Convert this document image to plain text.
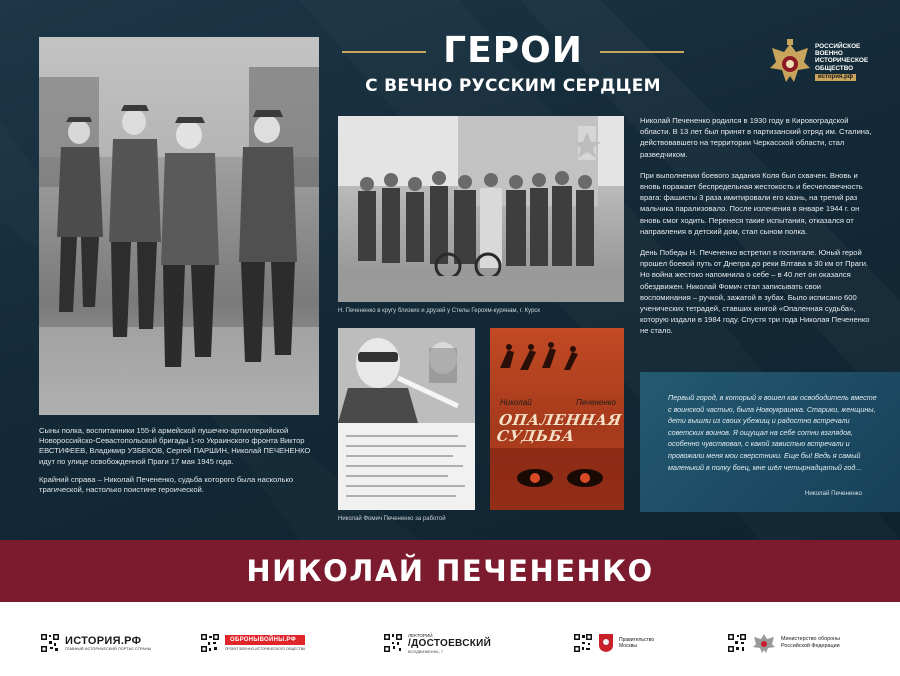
Сыны полка, воспитанники 155-й армейской пушечно-артиллерийской Новороссийско-Севастопольской бригады 1-го Украинского фронта Виктор ЕВСТИФЕЕВ, Владимир УЗБЕКОВ, Сергей ПАРШИН, Николай ПЕЧЕНЕНКО идут по улице освобожденной Праги 17 мая 1945 года.

Крайний справа – Николай Печененко, судьба которого была насколько трагической, настолько поистине героической.

ГЕРОИ
С ВЕЧНО РУССКИМ СЕРДЦЕМ
РОССИЙСКОЕ
ВОЕННО
ИСТОРИЧЕСКОЕ
ОБЩЕСТВО
история.рф
Н. Печененко в кругу близких и друзей у Стелы Героям-курянам, г. Курск
Николай Фомич Печененко за работой
Николай	Печененко
ОПАЛЕННАЯ СУДЬБА

Николай Печененко родился в 1930 году в Кировоградской области. В 13 лет был принят в партизанский отряд им. Сталина, действовавшего на территории Черкасской области, стал разведчиком.

При выполнении боевого задания Коля был схвачен. Вновь и вновь поражает беспредельная жестокость и бесчеловечность врага: фашисты 3 раза имитировали его казнь, на третий раз мальчика парализовало. После излечения в январе 1944 г. он вновь смог ходить. Перенеся такие испытания, отказался от направления в детский дом, стал сыном полка.

День Победы Н. Печененко встретил в госпитале. Юный герой прошел боевой путь от Днепра до реки Влтава в 30 км от Праги. Но война жестоко напомнила о себе – в 40 лет он оказался обездвижен. Николай Фомич стал записывать свои воспоминания – ручкой, зажатой в зубах. Было исписано 600 ученических тетрадей, ставших книгой «Опаленная судьба», которую издали в 1984 году. Спустя три года Николая Печененко не стало.

Первый город, в который я вошел как освободитель вместе с воинской частью, была Новоукраинка. Старики, женщины, дети вышли из своих убежищ и радостно встречали советских воинов. Я ощущал на себе сотни взглядов, особенно чувствовал, с какой завистью встречали и провожали меня мои сверстники. Еще бы! Ведь я самый маленький в полку боец, мне шёл четырнадцатый год...
Николай Печененко
НИКОЛАЙ ПЕЧЕНЕНКО
ИСТОРИЯ.РФ
ГЛАВНЫЙ ИСТОРИЧЕСКИЙ ПОРТАЛ СТРАНЫ
ОБРОНЫВОЙНЫ.РФ
ПРОЕКТ ВОЕННО-ИСТОРИЧЕСКОГО ОБЩЕСТВА
ЛЕКТОРИЙ
/ДОСТОЕВСКИЙ
ВОЗДВИЖЕНКА, 7
Правительство
Москвы
Министерство обороны
Российской Федерации
